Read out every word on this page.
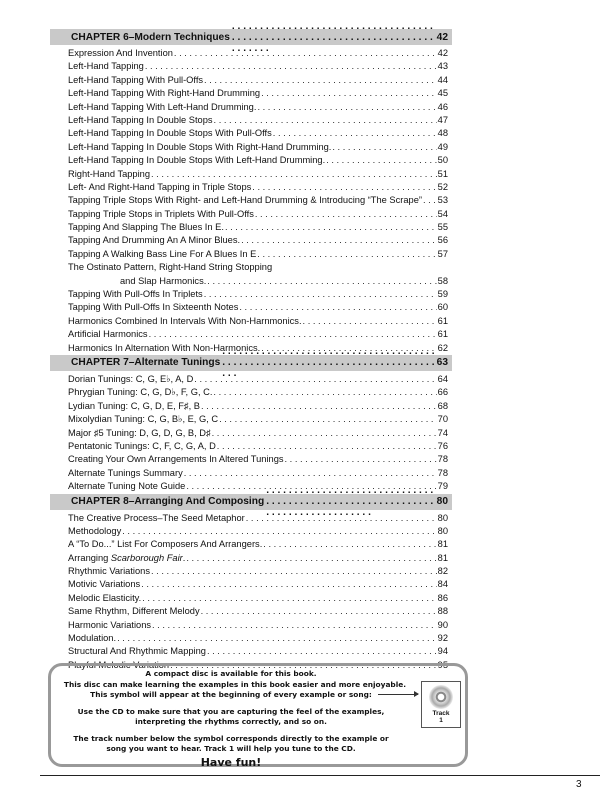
CHAPTER 6–Modern Techniques . . .	42
Expression And Invention . . .	42
Left-Hand Tapping . . .	43
Left-Hand Tapping With Pull-Offs . . .	44
Left-Hand Tapping With Right-Hand Drumming . . .	45
Left-Hand Tapping With Left-Hand Drumming. . . .	46
Left-Hand Tapping In Double Stops . . .	47
Left-Hand Tapping In Double Stops With Pull-Offs . . .	48
Left-Hand Tapping In Double Stops With Right-Hand Drumming. . . .	49
Left-Hand Tapping In Double Stops With Left-Hand Drumming. . . .	50
Right-Hand Tapping . . .	51
Left- And Right-Hand Tapping in Triple Stops . . .	52
Tapping Triple Stops With Right- and Left-Hand Drumming & Introducing “The Scrape” . . . 53
Tapping Triple Stops in Triplets With Pull-Offs . . .	54
Tapping And Slapping The Blues In E. . . .	55
Tapping And Drumming An A Minor Blues. . . .	56
Tapping A Walking Bass Line For A Blues In E . . .	57
The Ostinato Pattern, Right-Hand String Stopping
and Slap Harmonics. . . .	58
Tapping With Pull-Offs In Triplets . . .	59
Tapping With Pull-Offs In Sixteenth Notes . . .	60
Harmonics Combined In Intervals With Non-Harnmonics. . . .	61
Artificial Harmonics . . .	61
Harmonics In Alternation With Non-Harmonics. . . .	62
CHAPTER 7–Alternate Tunings . . .	63
Dorian Tunings: C, G, E♭, A, D . . .	64
Phrygian Tuning: C, G, D♭, F, G, C. . . .	66
Lydian Tuning: C, G, D, E, F♯, B . . .	68
Mixolydian Tuning: C, G, B♭, E, G, C . . .	70
Major ♯5 Tuning: D, G, D, G, B, D♯ . . .	74
Pentatonic Tunings: C, F, C, G, A, D . . .	76
Creating Your Own Arrangements In Altered Tunings . . .	78
Alternate Tunings Summary . . .	78
Alternate Tuning Note Guide . . .	79
CHAPTER 8–Arranging And Composing . . .	80
The Creative Process–The Seed Metaphor . . .	80
Methodology . . .	80
A “To Do...” List For Composers And Arrangers. . . .	81
Arranging Scarborough Fair. . . .	81
Rhythmic Variations . . .	82
Motivic Variations . . .	84
Melodic Elasticity. . . .	86
Same Rhythm, Different Melody . . .	88
Harmonic Variations . . .	90
Modulation. . . .	92
Structural And Rhythmic Mapping . . .	94
Playful Melodic Variation . . .	95
A compact disc is available for this book.
This disc can make learning the examples in this book easier and more enjoyable.
This symbol will appear at the beginning of every example or song:
Use the CD to make sure that you are capturing the feel of the examples,
interpreting the rhythms correctly, and so on.
The track number below the symbol corresponds directly to the example or
song you want to hear. Track 1 will help you tune to the CD.
Have fun!
Track
1
3
